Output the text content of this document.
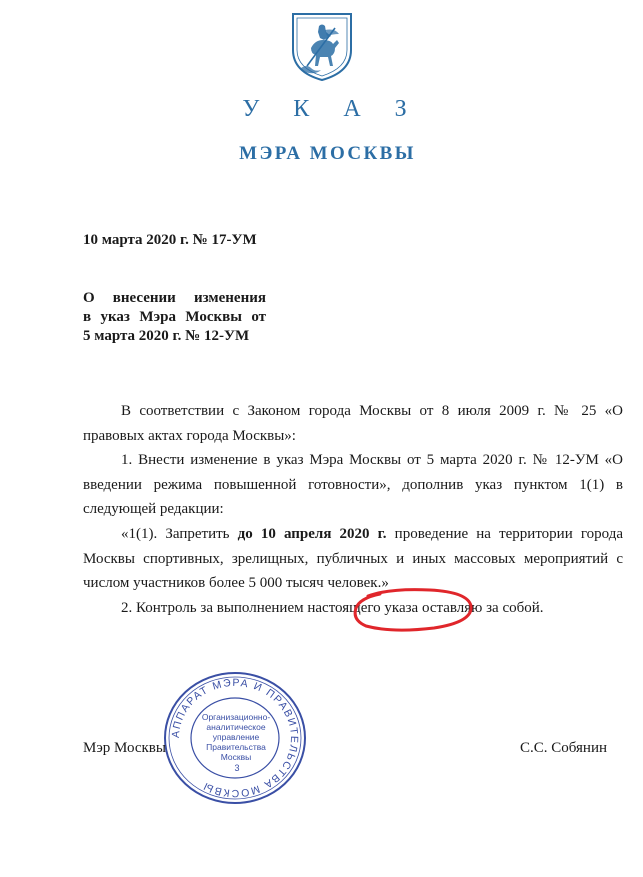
У К А З
МЭРА МОСКВЫ
10 марта 2020 г. № 17-УМ
О внесении изменения
в указ Мэра Москвы от
5 марта 2020 г. № 12-УМ

В соответствии с Законом города Москвы от 8 июля 2009 г. № 25 «О правовых актах города Москвы»:

1. Внести изменение в указ Мэра Москвы от 5 марта 2020 г. № 12-УМ «О введении режима повышенной готовности», дополнив указ пунктом 1(1) в следующей редакции:

«1(1). Запретить до 10 апреля 2020 г. проведение на территории города Москвы спортивных, зрелищных, публичных и иных массовых мероприятий с числом участников более 5 000 тысяч человек.»

2. Контроль за выполнением настоящего указа оставляю за собой.

АППАРАТ МЭРА И ПРАВИТЕЛЬСТВА МОСКВЫ
Организационно-аналитическое управление Правительства Москвы
3
Мэр Москвы	С.С. Собянин
